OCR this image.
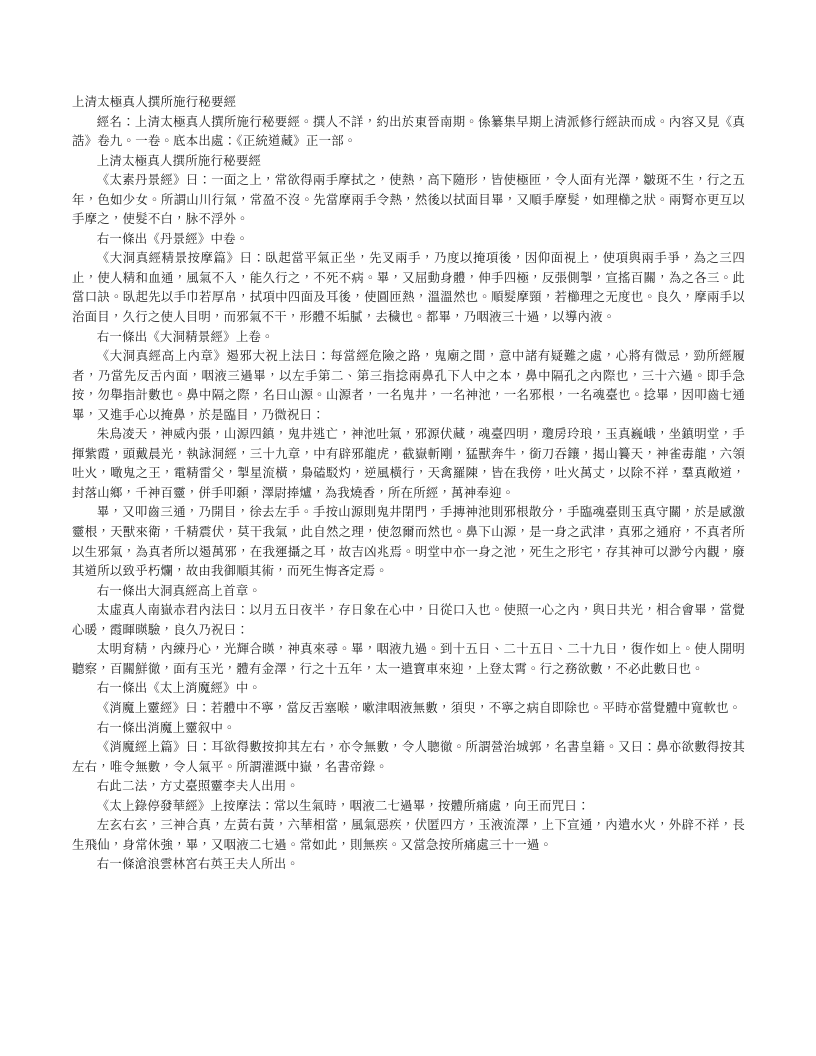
上清太極真人撰所施行秘要經

經名：上清太極真人撰所施行秘要經。撰人不詳，約出於東晉南期。係纂集早期上清派修行經訣而成。內容又見《真誥》卷九。一卷。底本出處：《正統道藏》正一部。

上清太極真人撰所施行秘要經

《太素丹景經》曰：一面之上，常欲得兩手摩拭之，使熱，高下隨形，皆使極匝，令人面有光澤，皺斑不生，行之五年，色如少女。所謂山川行氣，常盈不沒。先當摩兩手令熱，然後以拭面目畢，又順手摩髮，如理櫛之狀。兩腎亦更互以手摩之，使髮不白，脉不浮外。

右一條出《丹景經》中卷。

《大洞真經精景按摩篇》曰：臥起當平氣正坐，先叉兩手，乃度以掩項後，因仰面視上，使項與兩手爭，為之三四止，使人精和血通，風氣不入，能久行之，不死不病。畢，又屈動身體，伸手四極，反張側掣，宣搖百關，為之各三。此當口訣。臥起先以手巾若厚帛，拭項中四面及耳後，使圓匝熱，溫溫然也。順髮摩頸，若櫛理之无度也。良久，摩兩手以治面目，久行之使人目明，而邪氣不干，形體不垢膩，去穢也。都畢，乃咽液三十過，以導內液。

右一條出《大洞精景經》上卷。

《大洞真經高上內章》遏邪大祝上法曰：每當經危險之路，鬼廟之間，意中諸有疑難之處，心將有微忌，勁所經履者，乃當先反舌內面，咽液三過畢，以左手第二、第三指捻兩鼻孔下人中之本，鼻中隔孔之內際也，三十六過。即手急按，勿舉指計數也。鼻中隔之際，名曰山源。山源者，一名鬼井，一名神池，一名邪根，一名魂臺也。捻畢，因叩齒七通畢，又進手心以掩鼻，於是臨目，乃微祝曰：

朱鳥凌天，神威內張，山源四鎮，鬼井逃亡，神池吐氣，邪源伏藏，魂臺四明，瓊房玲琅，玉真巍峨，坐鎮明堂，手揮紫霞，頭戴晨光，執詠洞經，三十九章，中有辟邪龍虎，截嶽斬剛，猛獸奔牛，銜刀吞鑲，揭山籑天，神雀毒龍，六領吐火，噉鬼之王，電精雷父，掣星流橫，梟磕駁灼，逆風橫行，天禽羅陳，皆在我傍，吐火萬丈，以除不祥，羣真敞道，封落山鄉，千神百靈，併手叩顙，澤尉捧爐，為我燒香，所在所經，萬神奉迎。

畢，又叩齒三通，乃開目，徐去左手。手按山源則鬼井閉門，手摶神池則邪根散分，手臨魂臺則玉真守關，於是感激靈根，天獸來衛，千精震伏，莫干我氣，此自然之理，使忽爾而然也。鼻下山源，是一身之武津，真邪之通府，不真者所以生邪氣，為真者所以遏萬邪，在我運攝之耳，故吉凶兆焉。明堂中亦一身之池，死生之形宅，存其神可以渺兮內觀，廢其道所以致乎朽爛，故由我御順其術，而死生悔吝定焉。

右一條出大洞真經高上首章。

太虛真人南嶽赤君內法曰：以月五日夜半，存日象在心中，日從口入也。使照一心之內，與日共光，相合會畢，當覺心暖，霞暉暎驗，良久乃祝曰：

太明育精，內練丹心，光輝合暎，神真來尋。畢，咽液九過。到十五日、二十五日、二十九日，復作如上。使人開明聽察，百關鮮徹，面有玉光，體有金澤，行之十五年，太一遣寶車來迎，上登太霄。行之務欲數，不必此數日也。

右一條出《太上消魔經》中。

《消魔上靈經》曰：若體中不寧，當反舌塞喉，嗽津咽液無數，須臾，不寧之病自即除也。平時亦當覺體中寬軟也。

右一條出消魔上靈叙中。

《消魔經上篇》曰：耳欲得數按抑其左右，亦令無數，令人聰徹。所謂營治城郭，名書皇籍。又曰：鼻亦欲數得按其左右，唯令無數，令人氣平。所謂灌溉中嶽，名書帝錄。

右此二法，方丈臺照靈李夫人出用。

《太上錄停發華經》上按摩法：常以生氣時，咽液二七過畢，按體所痛處，向王而咒曰：

左玄右玄，三神合真，左黃右黃，六華相當，風氣惡疾，伏匿四方，玉液流澤，上下宣通，內遣水火，外辟不祥，長生飛仙，身常休強，畢，又咽液二七過。常如此，則無疾。又當急按所痛處三十一過。

右一條滄浪雲林宮右英王夫人所出。
